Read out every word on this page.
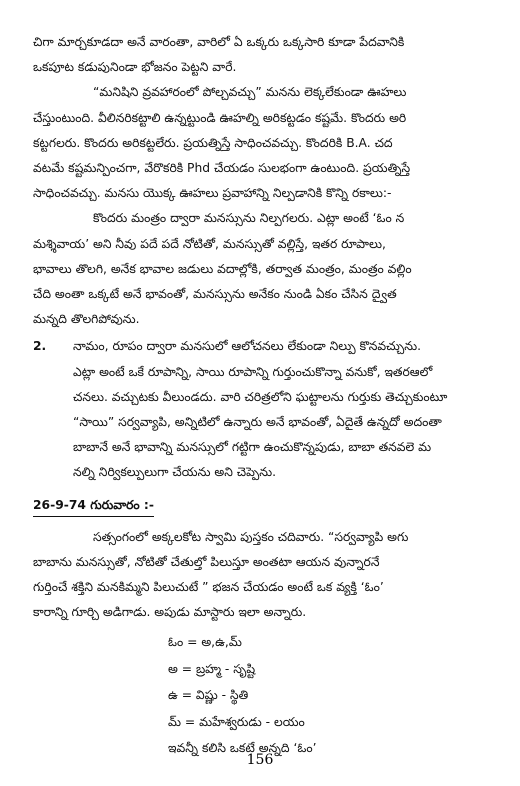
చిగా మార్చకూడదా అనే వారంతా, వారిలో ఏ ఒక్కరు ఒక్కసారి కూడా పేదవానికి
ఒకపూట కడుపునిండా భోజనం పెట్టని వారే.

“మనిషిని వ్రవహారంలో పోల్చవచ్చు” మనను లెక్కలేకుండా ఊహలు
చేస్తుంటుంది. వీలినరికట్టాలి ఉన్నట్టుండి ఊహల్ని అరికట్టడం కష్టమే. కొందరు అరి
కట్టగలరు. కొందరు అరికట్టలేరు. ప్రయత్నిస్తే సాధించవచ్చు. కొందరికి B.A. చద
వటమే కష్టమన్పించగా, వేరొకరికి Phd చేయడం సులభంగా ఉంటుంది. ప్రయత్నిస్తే
సాధించవచ్చు. మనసు యొక్క ఊహలు ప్రవాహాన్ని నిల్పడానికి కొన్ని రకాలు:-

కొందరు మంత్రం ద్వారా మనస్సును నిల్పగలరు. ఎట్లా అంటే ‘ఓం న
మశ్శివాయ’ అని నీవు పదే పదే నోటితో, మనస్సుతో వల్లిస్తే, ఇతర రూపాలు,
భావాలు తొలగి, అనేక భావాల జడులు వదాల్లోకి, తర్వాత మంత్రం, మంత్రం వల్లిం
చేది అంతా ఒక్కటే అనే భావంతో, మనస్సును అనేకం నుండి ఏకం చేసిన ద్వైత
మన్నది తొలగిపోవును.

2.	నామం, రూపం ద్వారా మనసులో ఆలోచనలు లేకుండా నిల్పు కొనవచ్చును.
ఎట్లా అంటే ఒకే రూపాన్ని, సాయి రూపాన్ని గుర్తుంచుకొన్నా వనుకో, ఇతరఆలో
చనలు. వచ్చుటకు వీలుండదు. వారి చరిత్రలోని ఘట్టాలను గుర్తుకు తెచ్చుకుంటూ
“సాయి” సర్వవ్యాపి, అన్నిటిలో ఉన్నారు అనే భావంతో, ఏదైతే ఉన్నదో అదంతా
బాబానే అనే భావాన్ని మనస్సులో గట్టిగా ఉంచుకొన్నపుడు, బాబా తనవలె మ
నల్ని నిర్వికల్పులుగా చేయను అని చెప్పెను.
26-9-74 గురువారం :-

సత్సంగంలో అక్కలకోట స్వామి పుస్తకం చదివారు. “సర్వవ్యాపి అగు
బాబాను మనస్సుతో, నోటితో చేతుల్తో పిలుస్తూ అంతటా ఆయన వున్నారనే
గుర్తించే శక్తిని మనకిమ్మని పిలుచుటే ” భజన చేయడం అంటే ఒక వ్యక్తి ‘ఓం’
కారాన్ని గూర్చి అడిగాడు. అపుడు మాస్టారు ఇలా అన్నారు.

ఓం = అ,ఉ,మ్
అ = బ్రహ్మ - సృష్టి
ఉ = విష్ణు - స్థితి
మ్ = మహేశ్వరుడు - లయం
ఇవన్నీ కలిసి ఒకటే అన్నది ‘ఓం’
156
